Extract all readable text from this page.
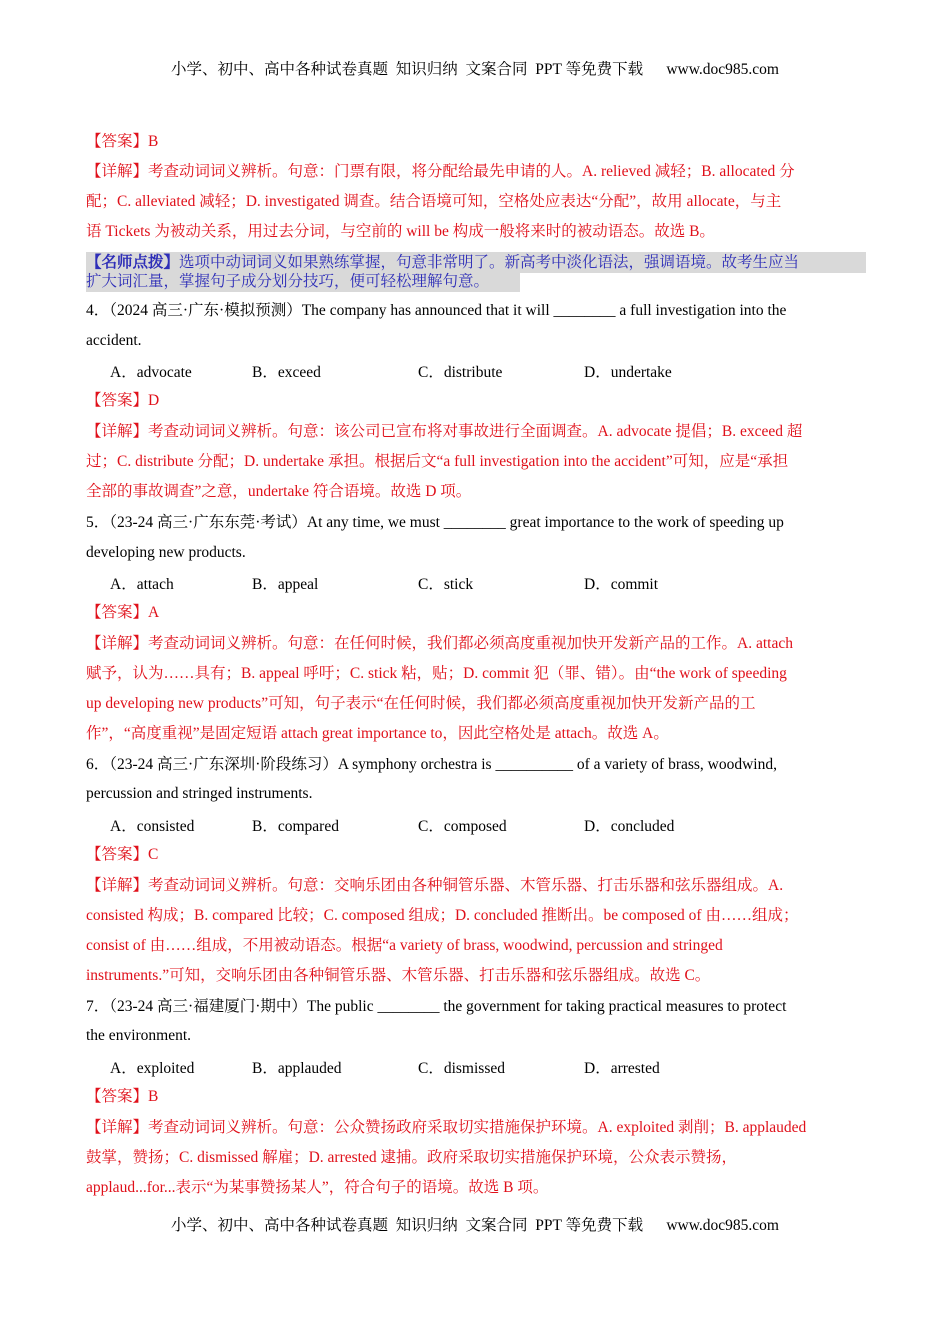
小学、初中、高中各种试卷真题  知识归纳  文案合同  PPT 等免费下载      www.doc985.com
【答案】B
【详解】考查动词词义辨析。句意：门票有限，将分配给最先申请的人。A. relieved 减轻；B. allocated 分
配；C. alleviated 减轻；D. investigated 调查。结合语境可知，空格处应表达“分配”，故用 allocate，与主
语 Tickets 为被动关系，用过去分词，与空前的 will be 构成一般将来时的被动语态。故选 B。
【名师点拨】选项中动词词义如果熟练掌握，句意非常明了。新高考中淡化语法，强调语境。故考生应当
扩大词汇量，掌握句子成分划分技巧，便可轻松理解句意。
4．（2024 高三·广东·模拟预测）The company has announced that it will ________ a full investigation into the
accident.
A．advocate	B．exceed	C．distribute	D．undertake
【答案】D
【详解】考查动词词义辨析。句意：该公司已宣布将对事故进行全面调查。A. advocate 提倡；B. exceed 超
过；C. distribute 分配；D. undertake 承担。根据后文“a full investigation into the accident”可知，应是“承担
全部的事故调查”之意，undertake 符合语境。故选 D 项。
5．（23-24 高三·广东东莞·考试）At any time, we must ________ great importance to the work of speeding up
developing new products.
A．attach	B．appeal	C．stick	D．commit
【答案】A
【详解】考查动词词义辨析。句意：在任何时候，我们都必须高度重视加快开发新产品的工作。A. attach
赋予，认为……具有；B. appeal 呼吁；C. stick 粘，贴；D. commit 犯（罪、错）。由“the work of speeding
up developing new products”可知，句子表示“在任何时候，我们都必须高度重视加快开发新产品的工
作”，“高度重视”是固定短语 attach great importance to，因此空格处是 attach。故选 A。
6．（23-24 高三·广东深圳·阶段练习）A symphony orchestra is __________ of a variety of brass, woodwind,
percussion and stringed instruments.
A．consisted	B．compared	C．composed	D．concluded
【答案】C
【详解】考查动词词义辨析。句意：交响乐团由各种铜管乐器、木管乐器、打击乐器和弦乐器组成。A.
consisted 构成；B. compared 比较；C. composed 组成；D. concluded 推断出。be composed of 由……组成；
consist of 由……组成，不用被动语态。根据“a variety of brass, woodwind, percussion and stringed
instruments.”可知，交响乐团由各种铜管乐器、木管乐器、打击乐器和弦乐器组成。故选 C。
7．（23-24 高三·福建厦门·期中）The public ________ the government for taking practical measures to protect
the environment.
A．exploited	B．applauded	C．dismissed	D．arrested
【答案】B
【详解】考查动词词义辨析。句意：公众赞扬政府采取切实措施保护环境。A. exploited 剥削；B. applauded
鼓掌，赞扬；C. dismissed 解雇；D. arrested 逮捕。政府采取切实措施保护环境，公众表示赞扬，
applaud...for...表示“为某事赞扬某人”，符合句子的语境。故选 B 项。
小学、初中、高中各种试卷真题  知识归纳  文案合同  PPT 等免费下载      www.doc985.com
